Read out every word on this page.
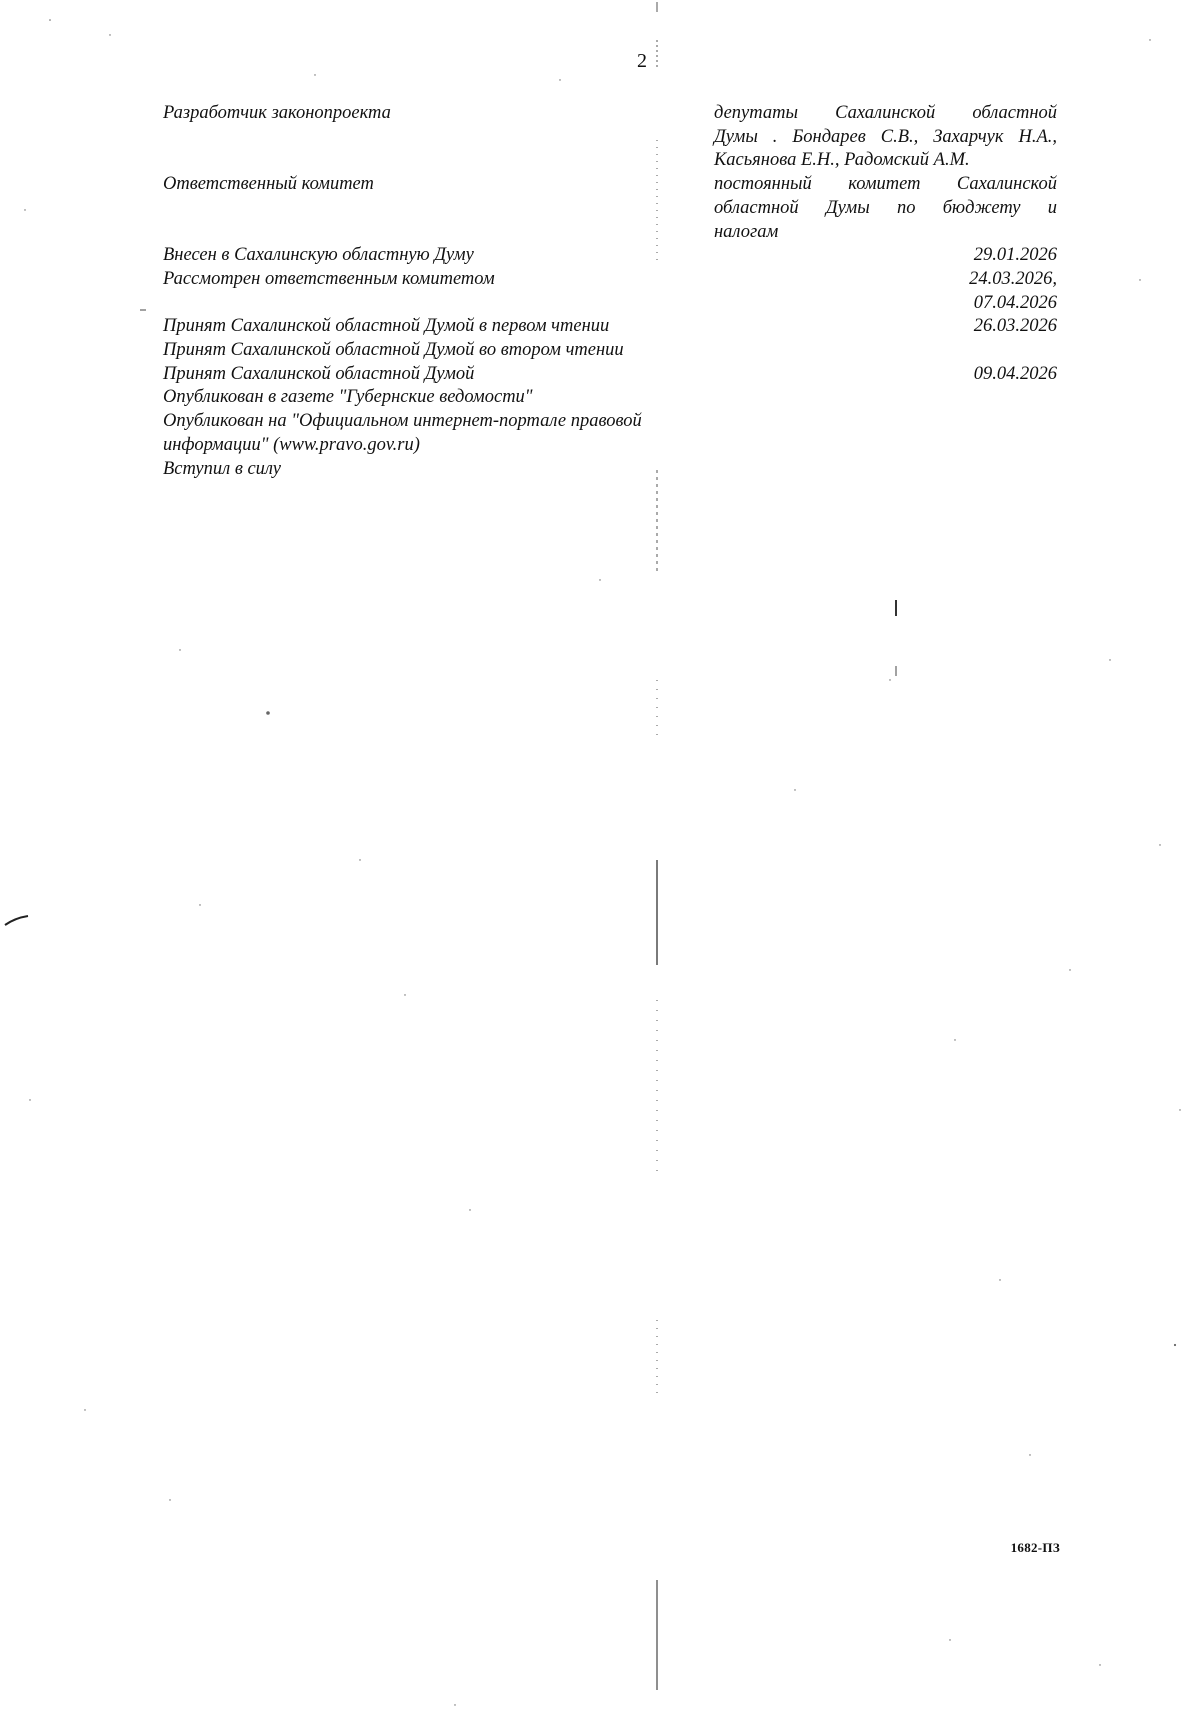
2
Разработчик законопроекта	депутаты Сахалинской областной
Думы . Бондарев С.В., Захарчук Н.А.,
Касьянова Е.Н., Радомский А.М.
Ответственный комитет	постоянный комитет Сахалинской
областной Думы по бюджету и
налогам
Внесен в Сахалинскую областную Думу	29.01.2026
Рассмотрен ответственным комитетом	24.03.2026,
07.04.2026
Принят Сахалинской областной Думой в первом чтении	26.03.2026
Принят Сахалинской областной Думой во втором чтении
Принят Сахалинской областной Думой	09.04.2026
Опубликован в газете "Губернские ведомости"
Опубликован на "Официальном интернет-портале правовой информации" (www.pravo.gov.ru)
Вступил в силу
1682-ПЗ
